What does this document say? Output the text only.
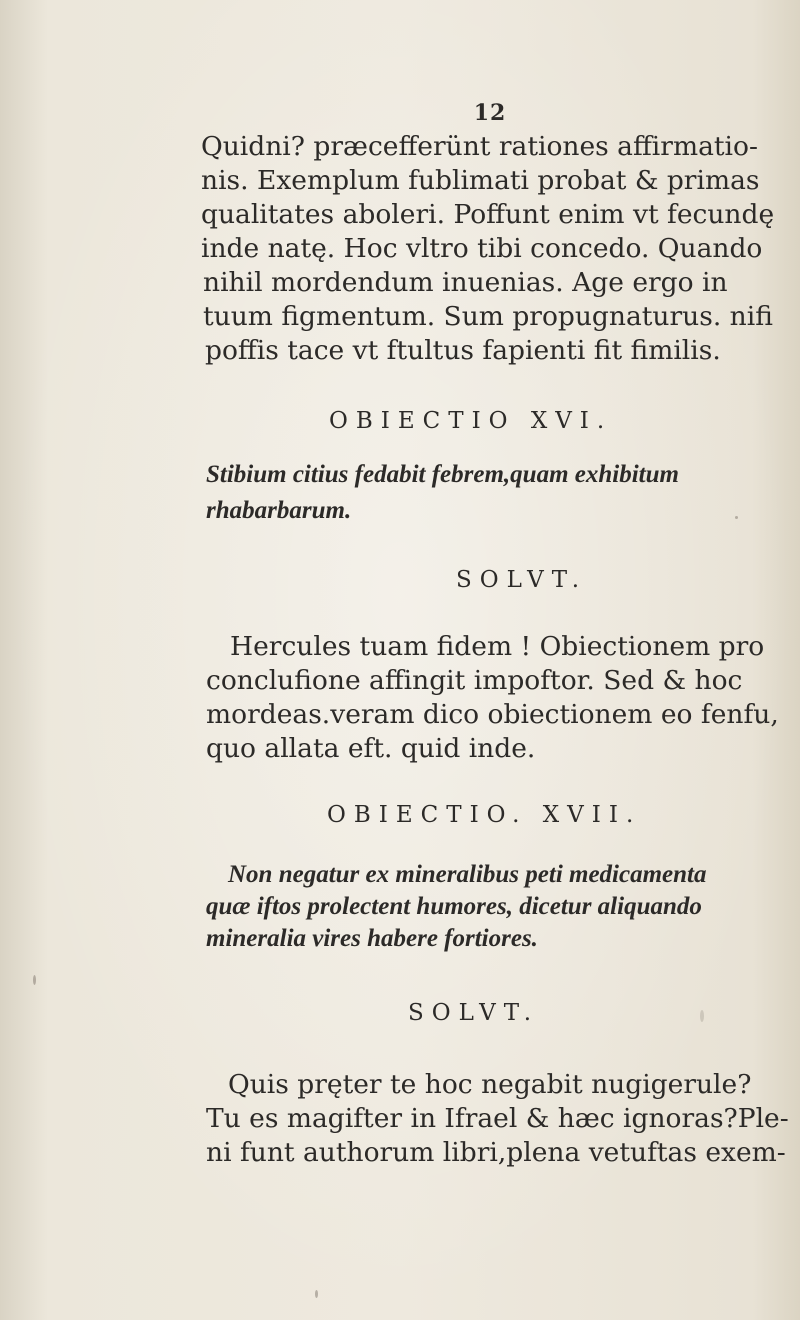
12
Quidni? præcefferünt rationes affirmatio-
nis. Exemplum fublimati probat & primas
qualitates aboleri. Poffunt enim vt fecundę
inde natę. Hoc vltro tibi concedo. Quando
nihil mordendum inuenias. Age ergo in
tuum figmentum. Sum propugnaturus. nifi
poffis tace vt ftultus fapienti fit fimilis.
OBIECTIO XVI.
Stibium citius fedabit febrem,quam exhibitum
rhabarbarum.
SOLVT.
Hercules tuam fidem ! Obiectionem pro
conclufione affingit impoftor. Sed & hoc
mordeas.veram dico obiectionem eo fenfu,
quo allata eft. quid inde.
OBIECTIO. XVII.
Non negatur ex mineralibus peti medicamenta
quæ iftos prolectent humores, dicetur aliquando
mineralia vires habere fortiores.
SOLVT.
Quis pręter te hoc negabit nugigerule?
Tu es magifter in Ifrael & hæc ignoras?Ple-
ni funt authorum libri,plena vetuftas exem-
